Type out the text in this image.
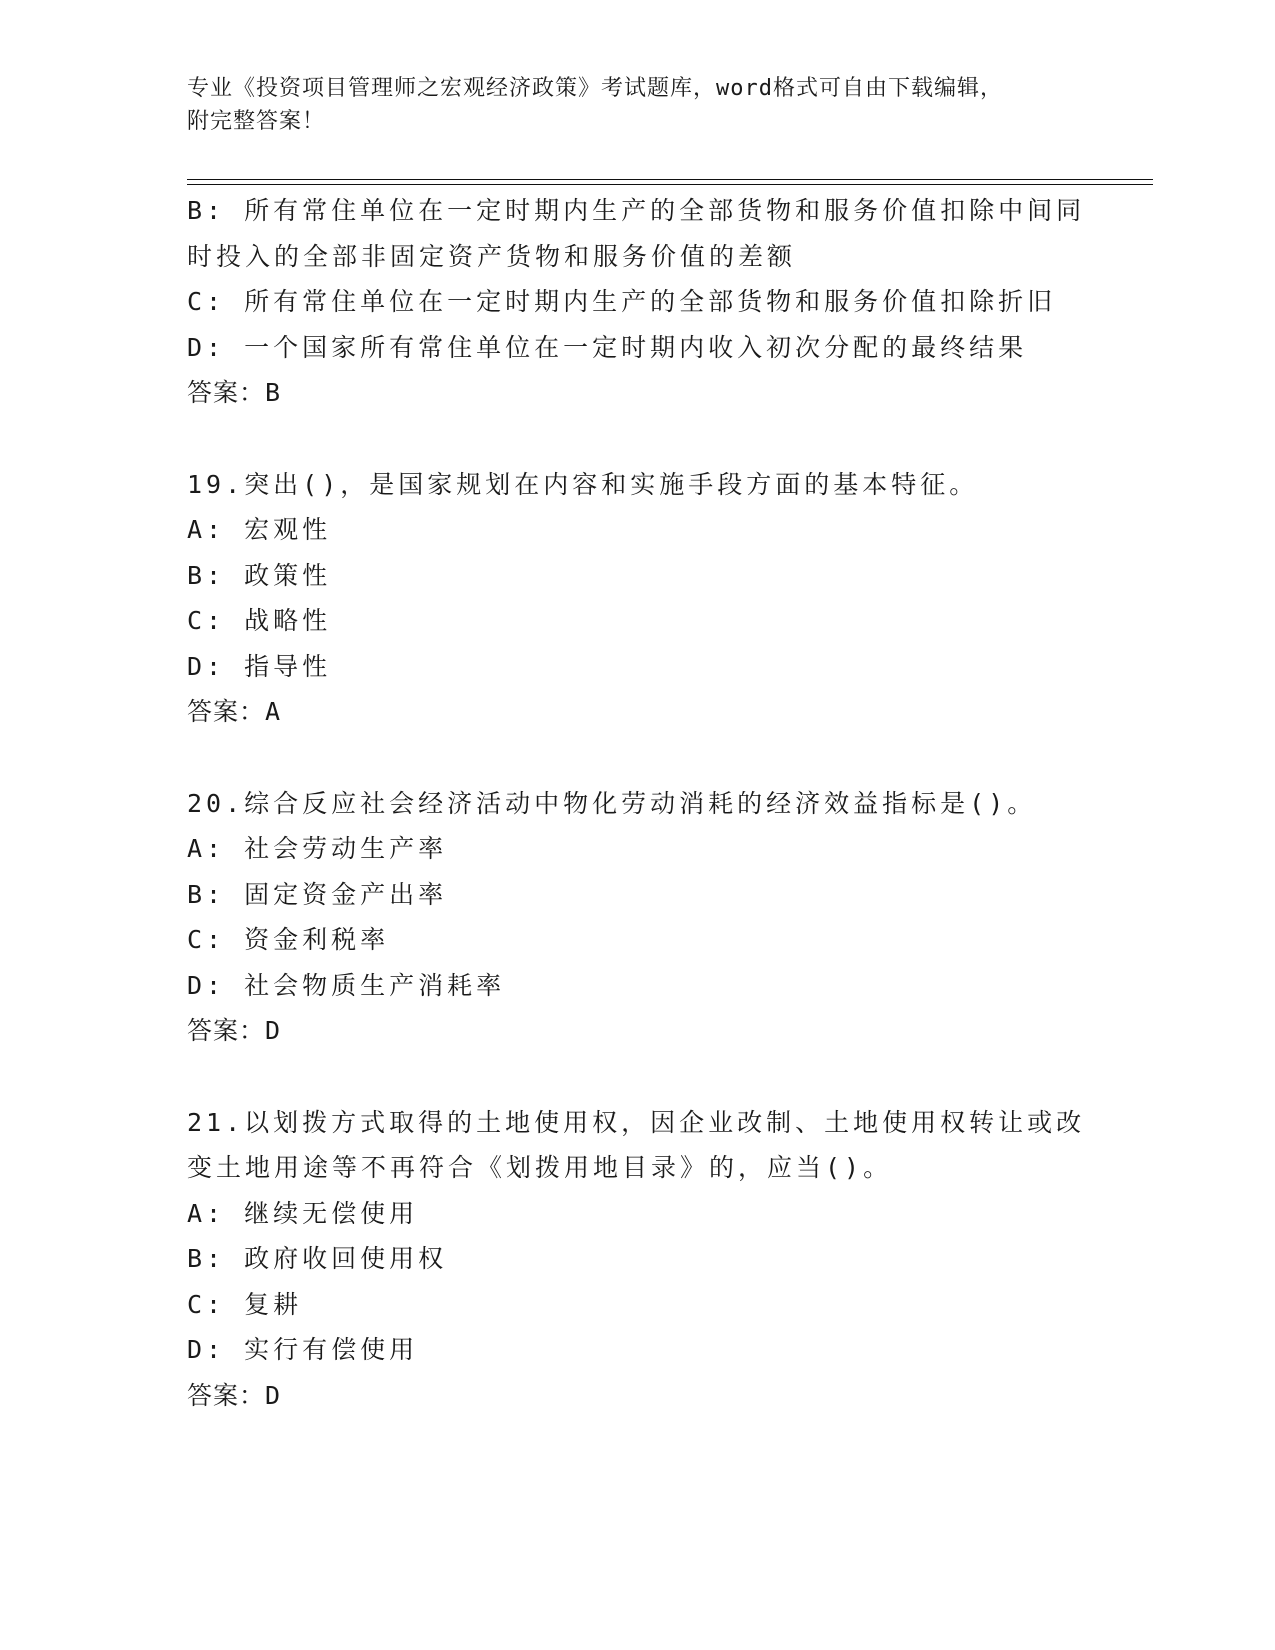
专业《投资项目管理师之宏观经济政策》考试题库，word格式可自由下载编辑，
附完整答案！
B: 所有常住单位在一定时期内生产的全部货物和服务价值扣除中间同
时投入的全部非固定资产货物和服务价值的差额
C: 所有常住单位在一定时期内生产的全部货物和服务价值扣除折旧
D: 一个国家所有常住单位在一定时期内收入初次分配的最终结果
答案：B
19.突出()，是国家规划在内容和实施手段方面的基本特征。
A: 宏观性
B: 政策性
C: 战略性
D: 指导性
答案：A
20.综合反应社会经济活动中物化劳动消耗的经济效益指标是()。
A: 社会劳动生产率
B: 固定资金产出率
C: 资金利税率
D: 社会物质生产消耗率
答案：D
21.以划拨方式取得的土地使用权，因企业改制、土地使用权转让或改
变土地用途等不再符合《划拨用地目录》的，应当()。
A: 继续无偿使用
B: 政府收回使用权
C: 复耕
D: 实行有偿使用
答案：D
